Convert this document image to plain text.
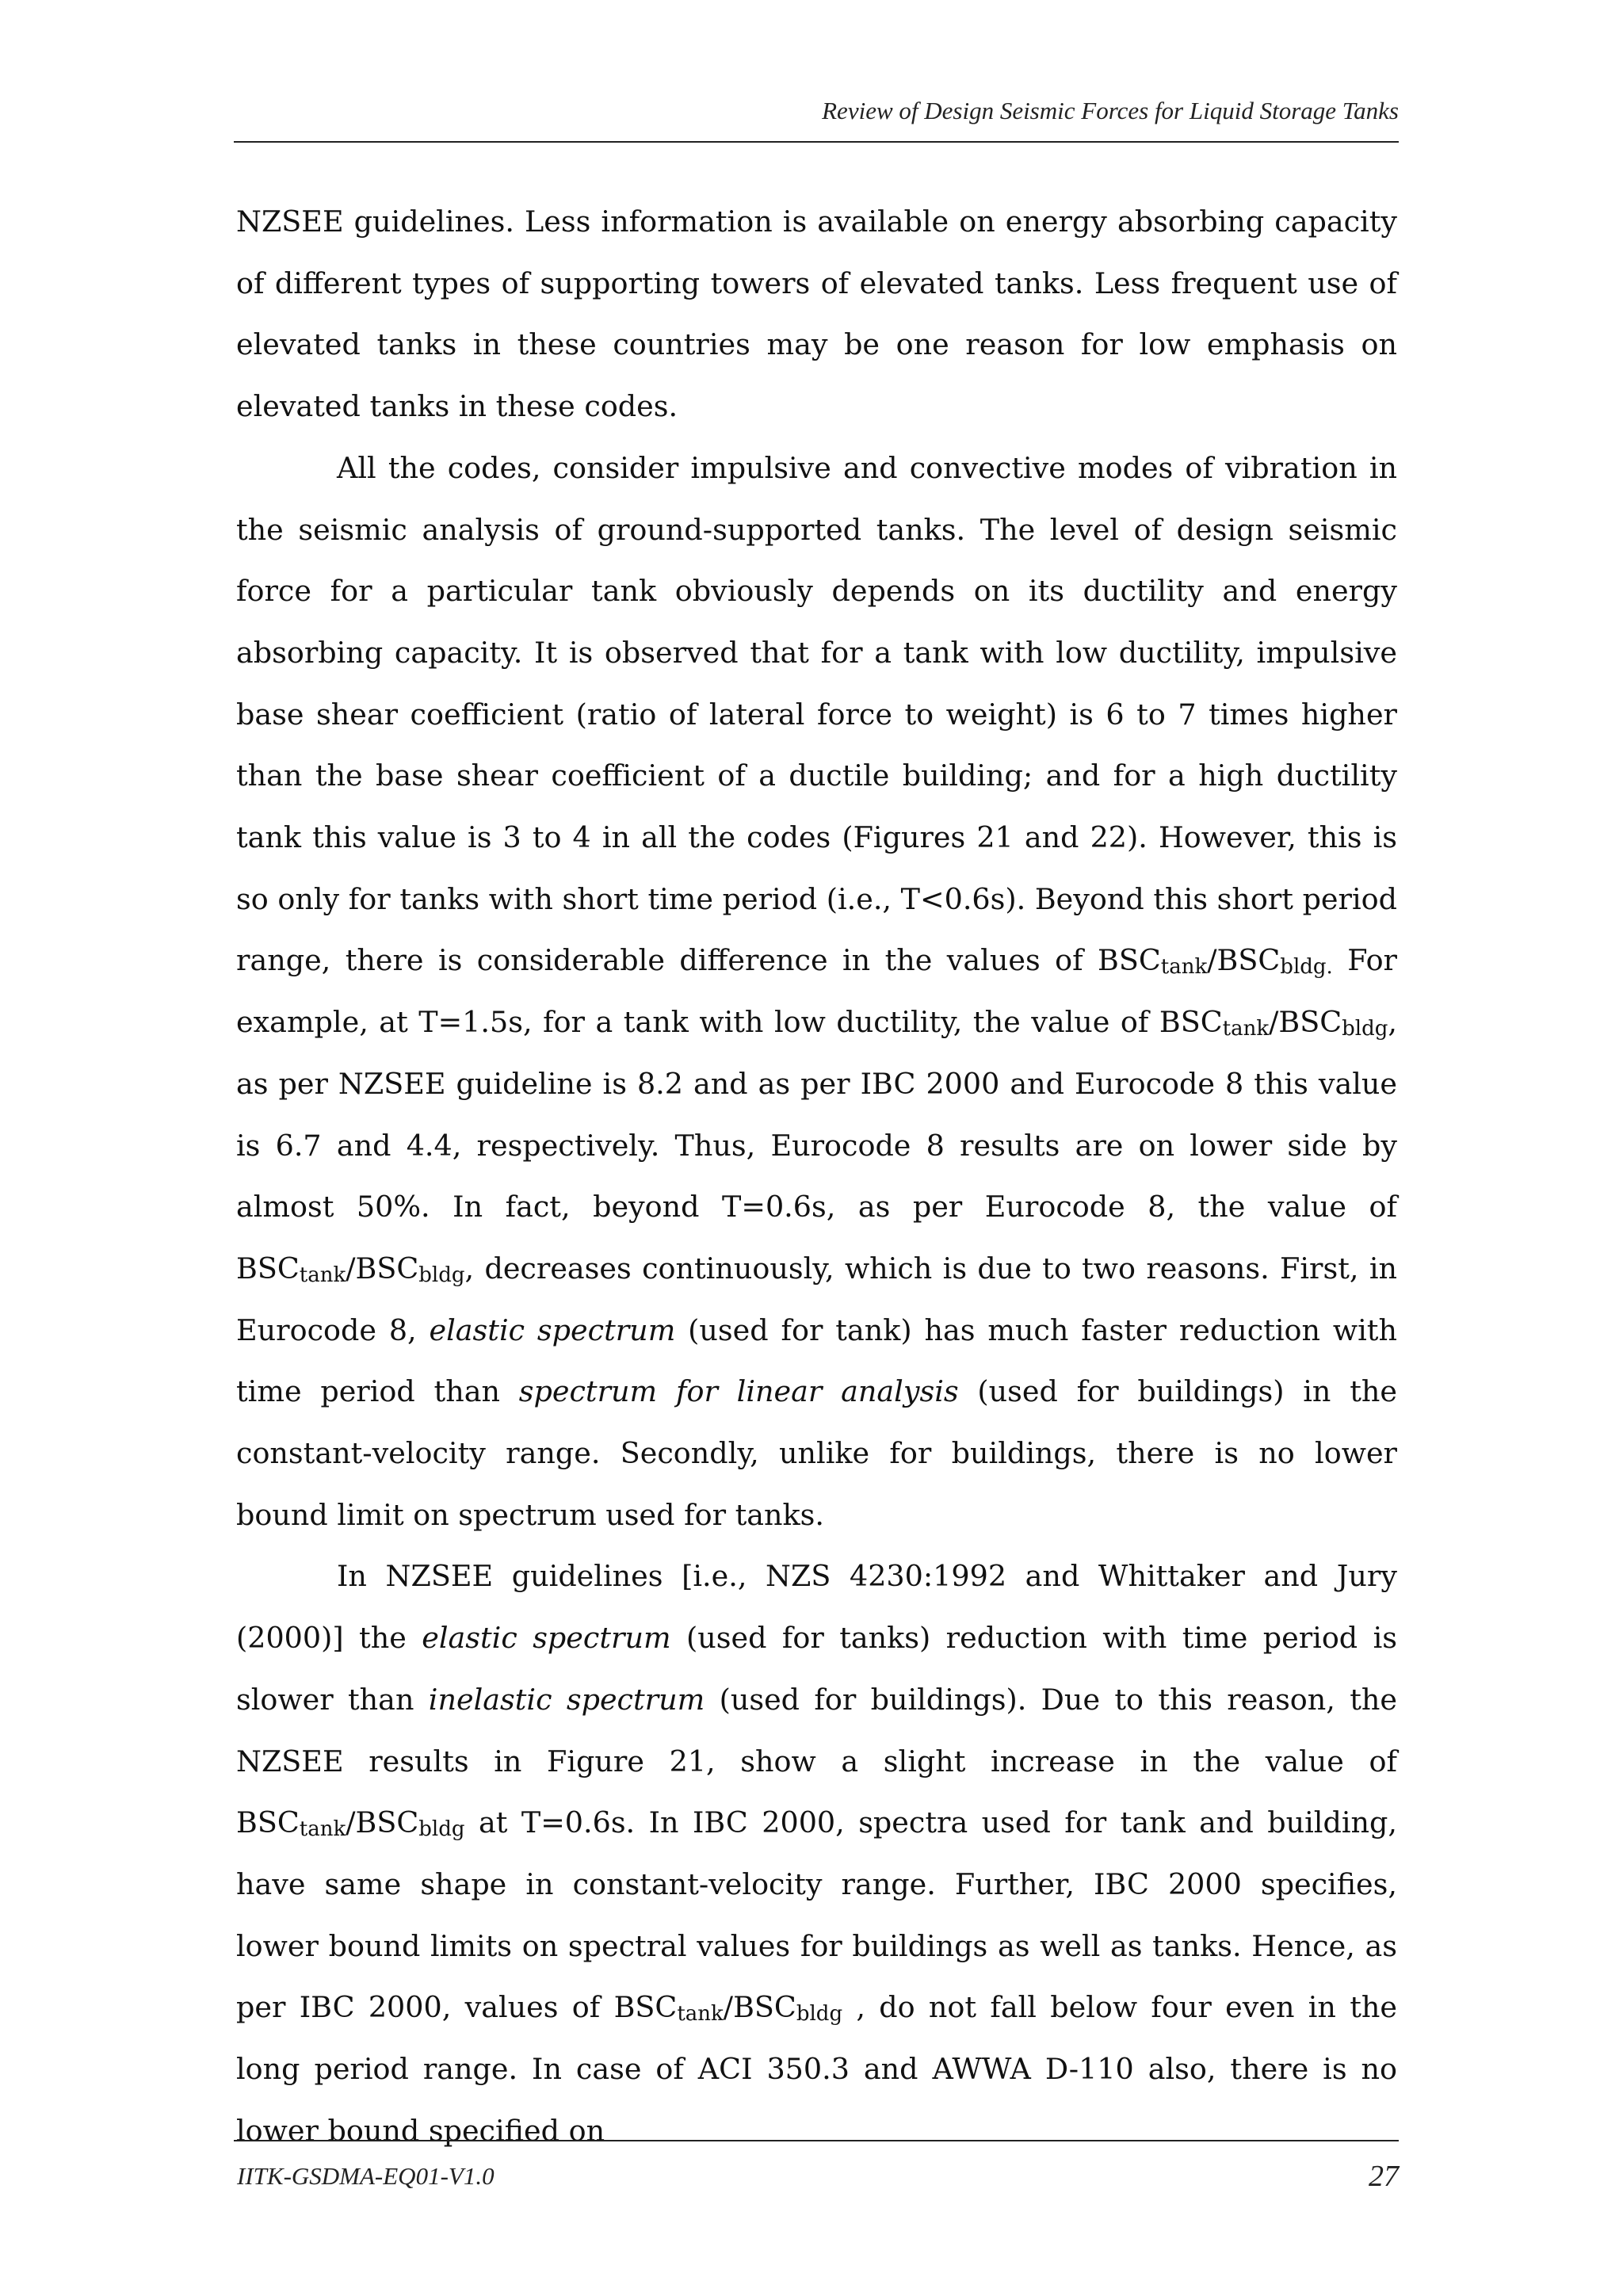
Review of Design Seismic Forces for Liquid Storage Tanks

NZSEE guidelines. Less information is available on energy absorbing capacity of different types of supporting towers of elevated tanks. Less frequent use of elevated tanks in these countries may be one reason for low emphasis on elevated tanks in these codes.

All the codes, consider impulsive and convective modes of vibration in the seismic analysis of ground-supported tanks. The level of design seismic force for a particular tank obviously depends on its ductility and energy absorbing capacity. It is observed that for a tank with low ductility, impulsive base shear coefficient (ratio of lateral force to weight) is 6 to 7 times higher than the base shear coefficient of a ductile building; and for a high ductility tank this value is 3 to 4 in all the codes (Figures 21 and 22). However, this is so only for tanks with short time period (i.e., T<0.6s). Beyond this short period range, there is considerable difference in the values of $BSC_{tank}/BSC_{bldg.}$ For example, at T=1.5s, for a tank with low ductility, the value of $BSC_{tank}/BSC_{bldg}$, as per NZSEE guideline is 8.2 and as per IBC 2000 and Eurocode 8 this value is 6.7 and 4.4, respectively. Thus, Eurocode 8 results are on lower side by almost 50%. In fact, beyond T=0.6s, as per Eurocode 8, the value of $BSC_{tank}/BSC_{bldg}$, decreases continuously, which is due to two reasons. First, in Eurocode 8, elastic spectrum (used for tank) has much faster reduction with time period than spectrum for linear analysis (used for buildings) in the constant-velocity range. Secondly, unlike for buildings, there is no lower bound limit on spectrum used for tanks.

In NZSEE guidelines [i.e., NZS 4230:1992 and Whittaker and Jury (2000)] the elastic spectrum (used for tanks) reduction with time period is slower than inelastic spectrum (used for buildings). Due to this reason, the NZSEE results in Figure 21, show a slight increase in the value of $BSC_{tank}/BSC_{bldg}$ at T=0.6s. In IBC 2000, spectra used for tank and building, have same shape in constant-velocity range. Further, IBC 2000 specifies, lower bound limits on spectral values for buildings as well as tanks. Hence, as per IBC 2000, values of $BSC_{tank}/BSC_{bldg}$ , do not fall below four even in the long period range. In case of ACI 350.3 and AWWA D-110 also, there is no lower bound specified on

IITK-GSDMA-EQ01-V1.0	27
